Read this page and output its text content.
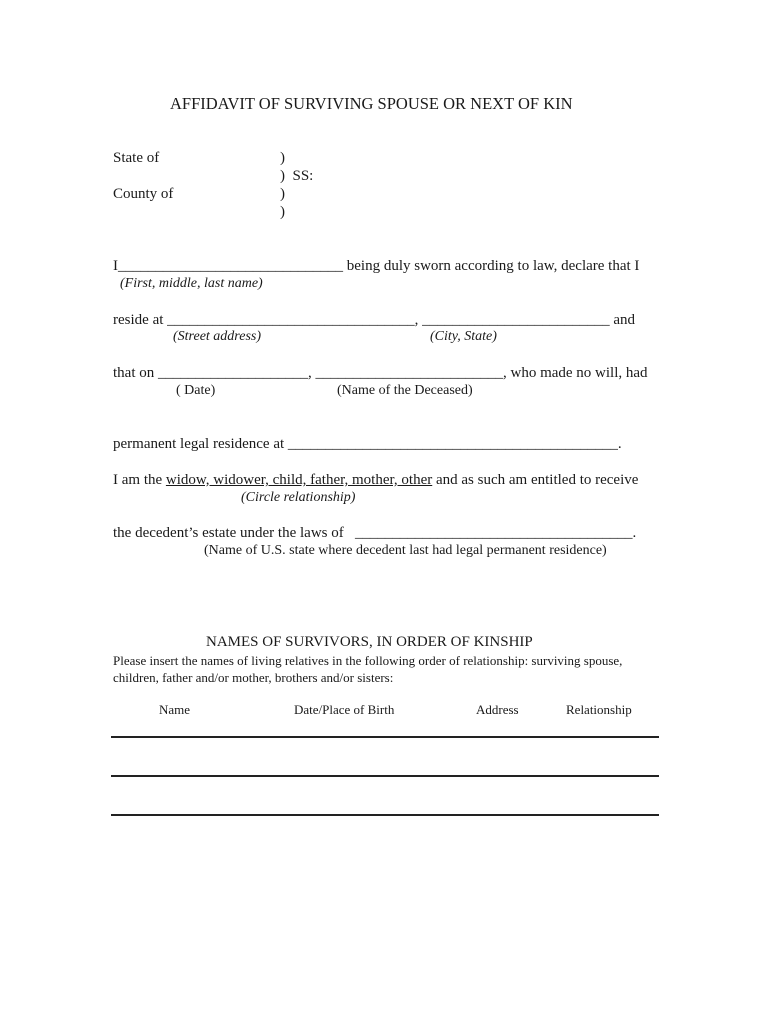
AFFIDAVIT OF SURVIVING SPOUSE OR NEXT OF KIN
State of	)
)  SS:
County of	)
)
I______________________________ being duly sworn according to law, declare that I
(First, middle, last name)
reside at _________________________________, _________________________ and
(Street address)	(City, State)
that on ____________________, _________________________, who made no will, had
( Date)	(Name of the Deceased)
permanent legal residence at ____________________________________________.
I am the widow, widower, child, father, mother, other and as such am entitled to receive
(Circle relationship)
the decedent’s estate under the laws of   _____________________________________.
(Name of U.S. state where decedent last had legal permanent residence)
NAMES OF SURVIVORS, IN ORDER OF KINSHIP
Please insert the names of living relatives in the following order of relationship: surviving spouse,
children, father and/or mother, brothers and/or sisters:
Name	Date/Place of Birth	Address	Relationship
